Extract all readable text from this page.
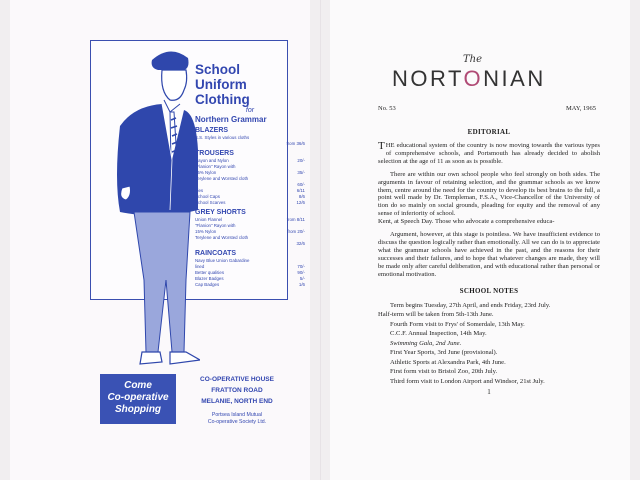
School

Uniform

Clothing

for

Northern Grammar

BLAZERS

S.S. Styles in various cloths
from 36/6

TROUSERS

Rayon and Nylon	20/-
"Flanion" Rayon with
15% Nylon	35/-
Terylene and Worsted cloth
60/-
Ties	6/11
School Caps	8/6
School Scarves	12/6

GREY SHORTS

Union Flannel	from 8/11
"Flanion" Rayon with
15% Nylon	from 20/-
Terylene and Worsted cloth
32/6

RAINCOATS

Navy Blue Union Gabardine
lined	70/-
Better qualities	90/-
Blazer Badges	5/-
Cap Badges	1/6
Come
Co-operative
Shopping
CO-OPERATIVE HOUSE
FRATTON ROAD
MELANIE, NORTH END
Portsea Island Mutual
Co-operative Society Ltd.
The
NORTONIAN
No. 53	MAY, 1965

EDITORIAL

THE educational system of the country is now moving towards the various types of comprehensive schools, and Portsmouth has already decided to abolish selection at the age of 11 as soon as is possible.

There are within our own school people who feel strongly on both sides. The arguments in favour of retaining selection, and the grammar schools as we know them, centre around the need for the country to develop its best brains to the full, a point well made by Dr. Templeman, F.S.A., Vice-Chancellor of the University of tion do so mainly on social grounds, pleading for equity and the removal of any sense of inferiority of school.

Kent, at Speech Day. Those who advocate a comprehensive educa-

Argument, however, at this stage is pointless. We have insufficient evidence to discuss the question logically rather than emotionally. All we can do is to appreciate what the grammar schools have achieved in the past, and the reasons for their successes and their failures, and to hope that whatever changes are made, they will be made only after careful deliberation, and with educational rather than personal or emotional motivation.

SCHOOL NOTES

Term begins Tuesday, 27th April, and ends Friday, 23rd July.

Half-term will be taken from 5th-13th June.

Fourth Form visit to Frys' of Somerdale, 13th May.

C.C.F. Annual Inspection, 14th May.

Swimming Gala, 2nd June.

First Year Sports, 3rd June (provisional).

Athletic Sports at Alexandra Park, 4th June.

First form visit to Bristol Zoo, 20th July.

Third form visit to London Airport and Windsor, 21st July.

1
